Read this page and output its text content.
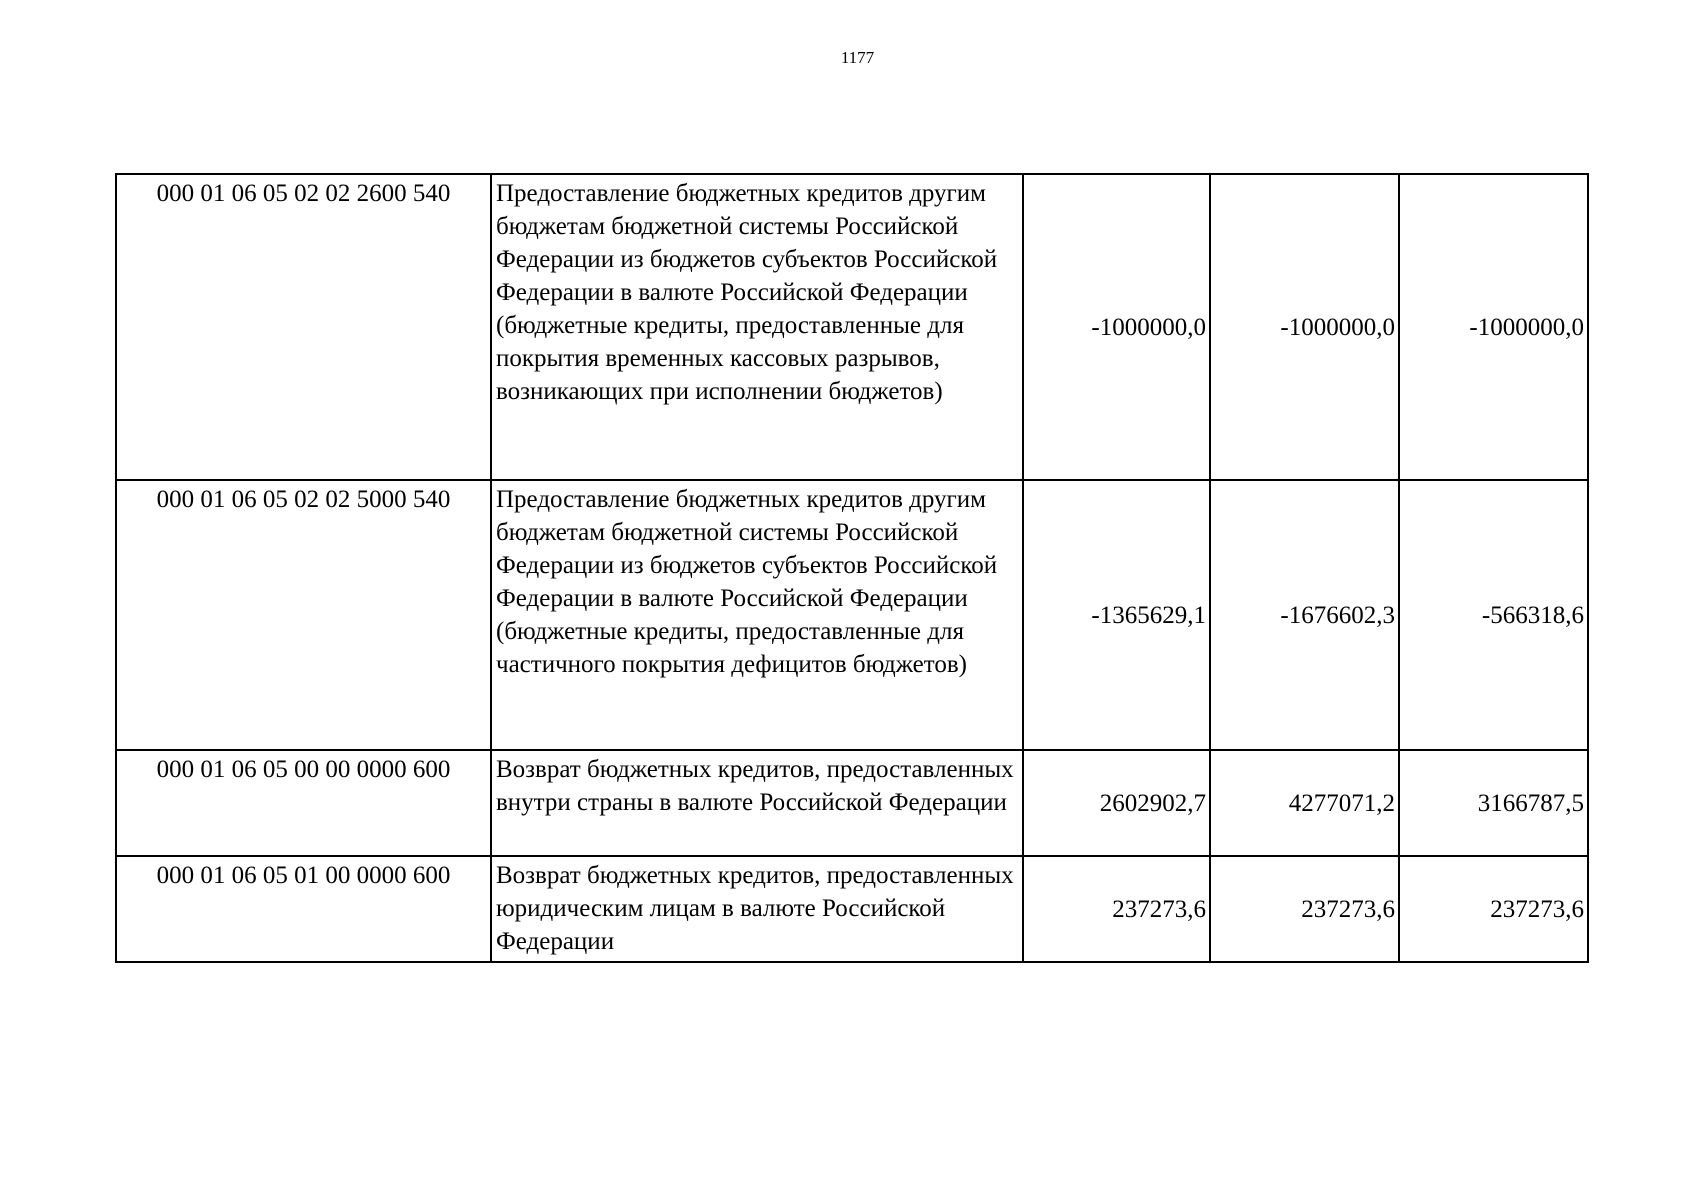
1177
000 01 06 05 02 02 2600 540	Предоставление бюджетных кредитов другим бюджетам бюджетной системы Российской Федерации из бюджетов субъектов Российской Федерации в валюте Российской Федерации (бюджетные кредиты, предоставленные для покрытия временных кассовых разрывов, возникающих при исполнении бюджетов)	-1000000,0	-1000000,0	-1000000,0
000 01 06 05 02 02 5000 540	Предоставление бюджетных кредитов другим бюджетам бюджетной системы Российской Федерации из бюджетов субъектов Российской Федерации в валюте Российской Федерации (бюджетные кредиты, предоставленные для частичного покрытия дефицитов бюджетов)	-1365629,1	-1676602,3	-566318,6
000 01 06 05 00 00 0000 600	Возврат бюджетных кредитов, предоставленных внутри страны в валюте Российской Федерации	2602902,7	4277071,2	3166787,5
000 01 06 05 01 00 0000 600	Возврат бюджетных кредитов, предоставленных юридическим лицам в валюте Российской Федерации	237273,6	237273,6	237273,6
